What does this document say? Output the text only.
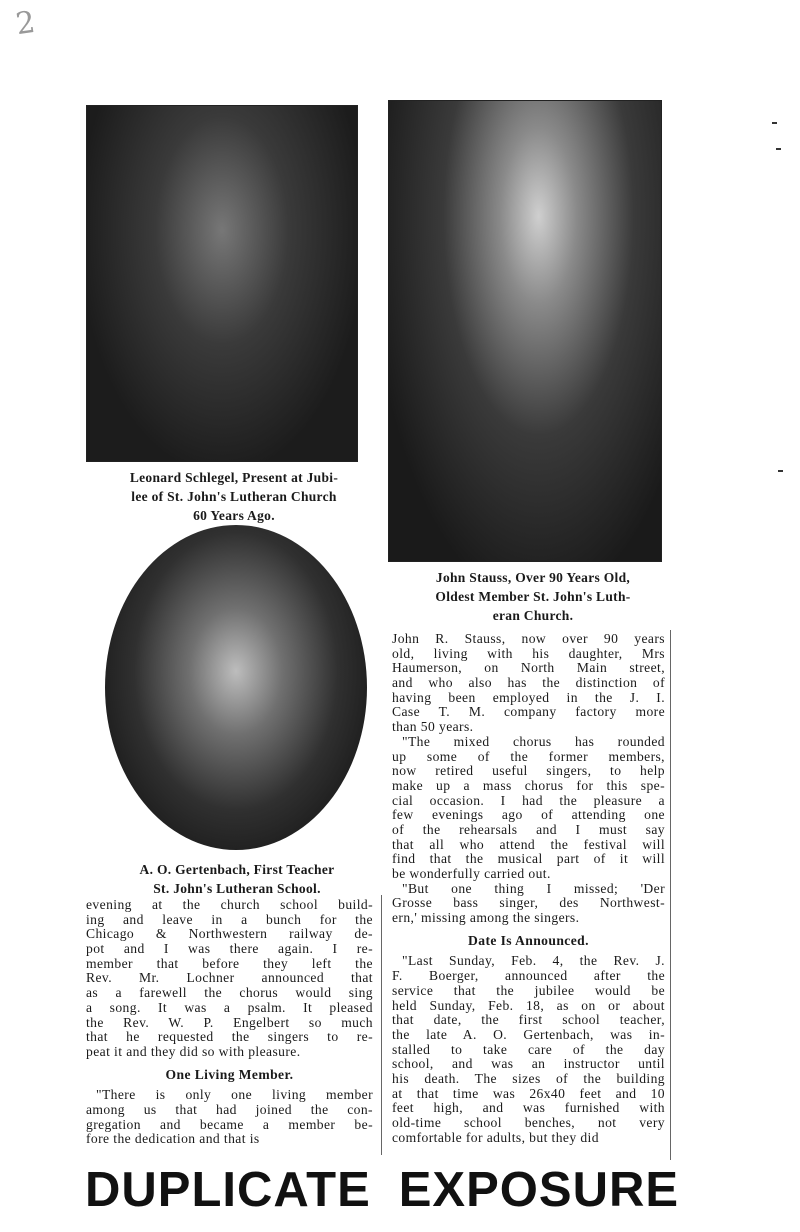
2
Leonard Schlegel, Present at Jubi-
lee of St. John's Lutheran Church
60 Years Ago.
John Stauss, Over 90 Years Old,
Oldest Member St. John's Luth-
eran Church.
A. O. Gertenbach, First Teacher
St. John's Lutheran School.
evening at the church school build-
ing and leave in a bunch for the
Chicago & Northwestern railway de-
pot and I was there again. I re-
member that before they left the
Rev. Mr. Lochner announced that
as a farewell the chorus would sing
a song. It was a psalm. It pleased
the Rev. W. P. Engelbert so much
that he requested the singers to re-
peat it and they did so with pleasure.
One Living Member.
"There is only one living member
among us that had joined the con-
gregation and became a member be-
fore the dedication and that is
John R. Stauss, now over 90 years
old, living with his daughter, Mrs
Haumerson, on North Main street,
and who also has the distinction of
having been employed in the J. I.
Case T. M. company factory more
than 50 years.
"The mixed chorus has rounded
up some of the former members,
now retired useful singers, to help
make up a mass chorus for this spe-
cial occasion. I had the pleasure a
few evenings ago of attending one
of the rehearsals and I must say
that all who attend the festival will
find that the musical part of it will
be wonderfully carried out.
"But one thing I missed; 'Der
Grosse bass singer, des Northwest-
ern,' missing among the singers.
Date Is Announced.
"Last Sunday, Feb. 4, the Rev. J.
F. Boerger, announced after the
service that the jubilee would be
held Sunday, Feb. 18, as on or about
that date, the first school teacher,
the late A. O. Gertenbach, was in-
stalled to take care of the day
school, and was an instructor until
his death. The sizes of the building
at that time was 26x40 feet and 10
feet high, and was furnished with
old-time school benches, not very
comfortable for adults, but they did
DUPLICATE EXPOSURE
